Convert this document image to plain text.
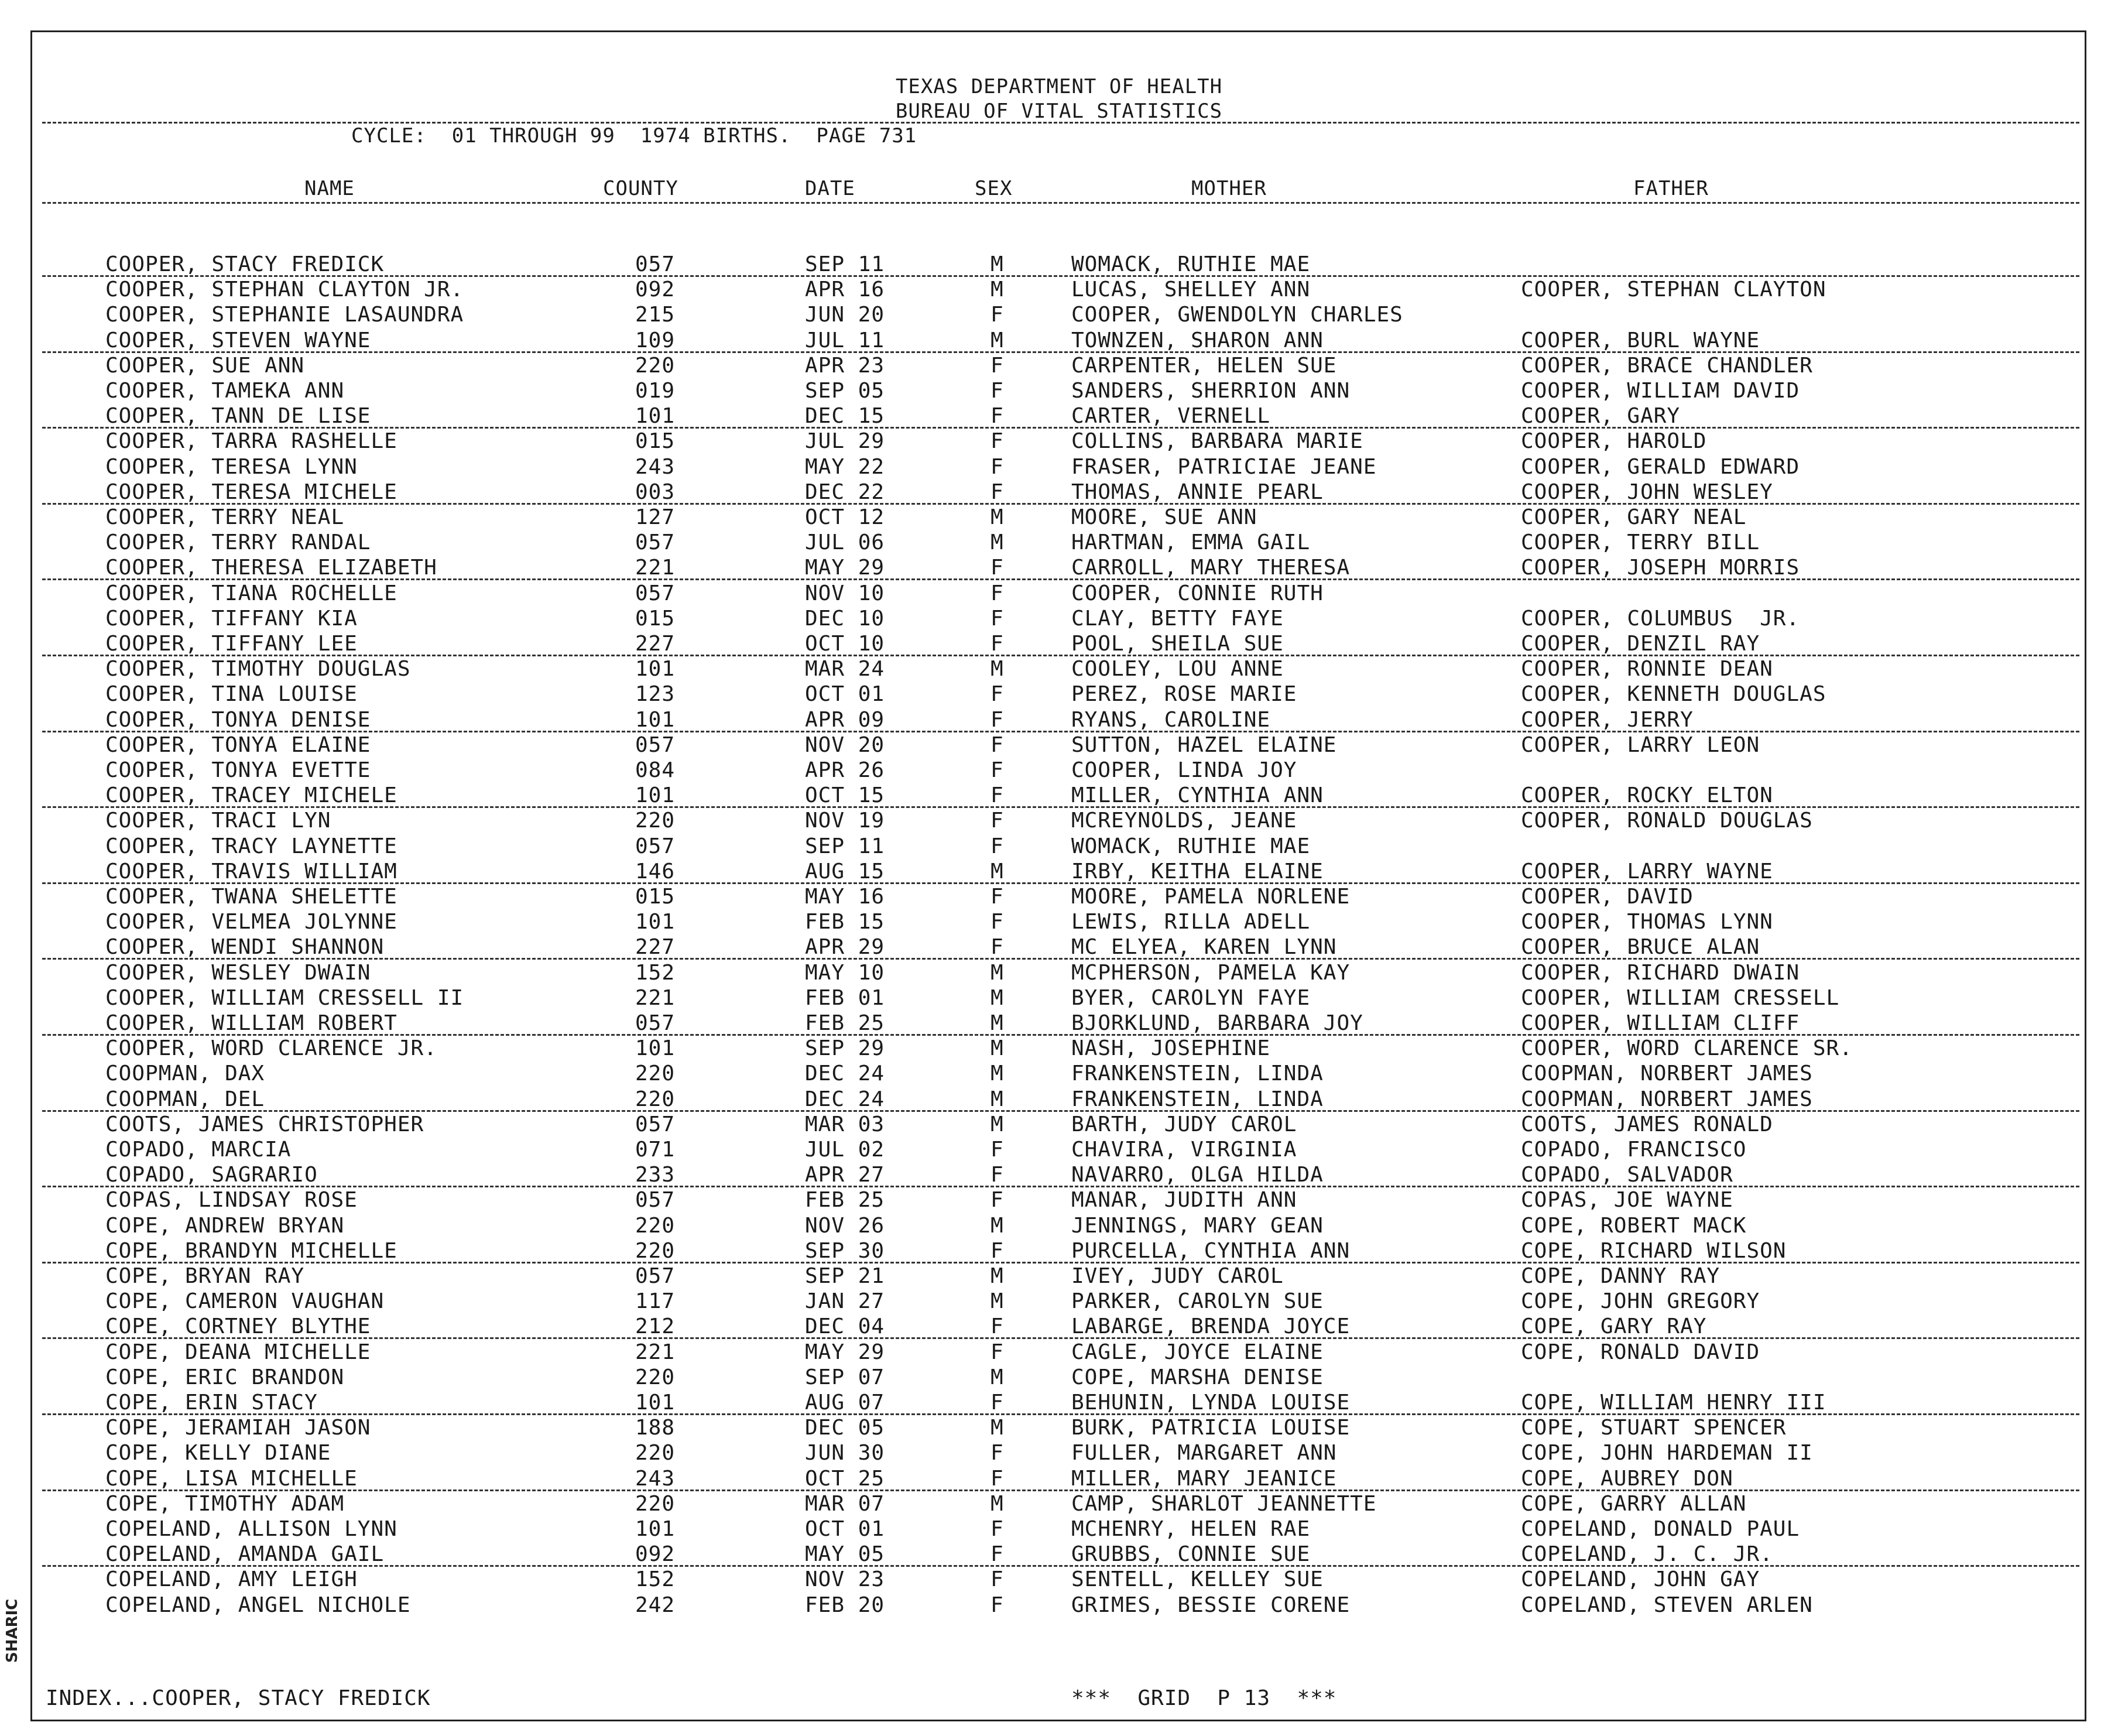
SHARIC
TEXAS DEPARTMENT OF HEALTH
BUREAU OF VITAL STATISTICS
CYCLE:  01 THROUGH 99  1974 BIRTHS.  PAGE 731
NAME	COUNTY	DATE	SEX	MOTHER	FATHER
COOPER, STACY FREDICK	057	SEP 11	M	WOMACK, RUTHIE MAE
COOPER, STEPHAN CLAYTON JR.	092	APR 16	M	LUCAS, SHELLEY ANN	COOPER, STEPHAN CLAYTON
COOPER, STEPHANIE LASAUNDRA	215	JUN 20	F	COOPER, GWENDOLYN CHARLES
COOPER, STEVEN WAYNE	109	JUL 11	M	TOWNZEN, SHARON ANN	COOPER, BURL WAYNE
COOPER, SUE ANN	220	APR 23	F	CARPENTER, HELEN SUE	COOPER, BRACE CHANDLER
COOPER, TAMEKA ANN	019	SEP 05	F	SANDERS, SHERRION ANN	COOPER, WILLIAM DAVID
COOPER, TANN DE LISE	101	DEC 15	F	CARTER, VERNELL	COOPER, GARY
COOPER, TARRA RASHELLE	015	JUL 29	F	COLLINS, BARBARA MARIE	COOPER, HAROLD
COOPER, TERESA LYNN	243	MAY 22	F	FRASER, PATRICIAE JEANE	COOPER, GERALD EDWARD
COOPER, TERESA MICHELE	003	DEC 22	F	THOMAS, ANNIE PEARL	COOPER, JOHN WESLEY
COOPER, TERRY NEAL	127	OCT 12	M	MOORE, SUE ANN	COOPER, GARY NEAL
COOPER, TERRY RANDAL	057	JUL 06	M	HARTMAN, EMMA GAIL	COOPER, TERRY BILL
COOPER, THERESA ELIZABETH	221	MAY 29	F	CARROLL, MARY THERESA	COOPER, JOSEPH MORRIS
COOPER, TIANA ROCHELLE	057	NOV 10	F	COOPER, CONNIE RUTH
COOPER, TIFFANY KIA	015	DEC 10	F	CLAY, BETTY FAYE	COOPER, COLUMBUS  JR.
COOPER, TIFFANY LEE	227	OCT 10	F	POOL, SHEILA SUE	COOPER, DENZIL RAY
COOPER, TIMOTHY DOUGLAS	101	MAR 24	M	COOLEY, LOU ANNE	COOPER, RONNIE DEAN
COOPER, TINA LOUISE	123	OCT 01	F	PEREZ, ROSE MARIE	COOPER, KENNETH DOUGLAS
COOPER, TONYA DENISE	101	APR 09	F	RYANS, CAROLINE	COOPER, JERRY
COOPER, TONYA ELAINE	057	NOV 20	F	SUTTON, HAZEL ELAINE	COOPER, LARRY LEON
COOPER, TONYA EVETTE	084	APR 26	F	COOPER, LINDA JOY
COOPER, TRACEY MICHELE	101	OCT 15	F	MILLER, CYNTHIA ANN	COOPER, ROCKY ELTON
COOPER, TRACI LYN	220	NOV 19	F	MCREYNOLDS, JEANE	COOPER, RONALD DOUGLAS
COOPER, TRACY LAYNETTE	057	SEP 11	F	WOMACK, RUTHIE MAE
COOPER, TRAVIS WILLIAM	146	AUG 15	M	IRBY, KEITHA ELAINE	COOPER, LARRY WAYNE
COOPER, TWANA SHELETTE	015	MAY 16	F	MOORE, PAMELA NORLENE	COOPER, DAVID
COOPER, VELMEA JOLYNNE	101	FEB 15	F	LEWIS, RILLA ADELL	COOPER, THOMAS LYNN
COOPER, WENDI SHANNON	227	APR 29	F	MC ELYEA, KAREN LYNN	COOPER, BRUCE ALAN
COOPER, WESLEY DWAIN	152	MAY 10	M	MCPHERSON, PAMELA KAY	COOPER, RICHARD DWAIN
COOPER, WILLIAM CRESSELL II	221	FEB 01	M	BYER, CAROLYN FAYE	COOPER, WILLIAM CRESSELL
COOPER, WILLIAM ROBERT	057	FEB 25	M	BJORKLUND, BARBARA JOY	COOPER, WILLIAM CLIFF
COOPER, WORD CLARENCE JR.	101	SEP 29	M	NASH, JOSEPHINE	COOPER, WORD CLARENCE SR.
COOPMAN, DAX	220	DEC 24	M	FRANKENSTEIN, LINDA	COOPMAN, NORBERT JAMES
COOPMAN, DEL	220	DEC 24	M	FRANKENSTEIN, LINDA	COOPMAN, NORBERT JAMES
COOTS, JAMES CHRISTOPHER	057	MAR 03	M	BARTH, JUDY CAROL	COOTS, JAMES RONALD
COPADO, MARCIA	071	JUL 02	F	CHAVIRA, VIRGINIA	COPADO, FRANCISCO
COPADO, SAGRARIO	233	APR 27	F	NAVARRO, OLGA HILDA	COPADO, SALVADOR
COPAS, LINDSAY ROSE	057	FEB 25	F	MANAR, JUDITH ANN	COPAS, JOE WAYNE
COPE, ANDREW BRYAN	220	NOV 26	M	JENNINGS, MARY GEAN	COPE, ROBERT MACK
COPE, BRANDYN MICHELLE	220	SEP 30	F	PURCELLA, CYNTHIA ANN	COPE, RICHARD WILSON
COPE, BRYAN RAY	057	SEP 21	M	IVEY, JUDY CAROL	COPE, DANNY RAY
COPE, CAMERON VAUGHAN	117	JAN 27	M	PARKER, CAROLYN SUE	COPE, JOHN GREGORY
COPE, CORTNEY BLYTHE	212	DEC 04	F	LABARGE, BRENDA JOYCE	COPE, GARY RAY
COPE, DEANA MICHELLE	221	MAY 29	F	CAGLE, JOYCE ELAINE	COPE, RONALD DAVID
COPE, ERIC BRANDON	220	SEP 07	M	COPE, MARSHA DENISE
COPE, ERIN STACY	101	AUG 07	F	BEHUNIN, LYNDA LOUISE	COPE, WILLIAM HENRY III
COPE, JERAMIAH JASON	188	DEC 05	M	BURK, PATRICIA LOUISE	COPE, STUART SPENCER
COPE, KELLY DIANE	220	JUN 30	F	FULLER, MARGARET ANN	COPE, JOHN HARDEMAN II
COPE, LISA MICHELLE	243	OCT 25	F	MILLER, MARY JEANICE	COPE, AUBREY DON
COPE, TIMOTHY ADAM	220	MAR 07	M	CAMP, SHARLOT JEANNETTE	COPE, GARRY ALLAN
COPELAND, ALLISON LYNN	101	OCT 01	F	MCHENRY, HELEN RAE	COPELAND, DONALD PAUL
COPELAND, AMANDA GAIL	092	MAY 05	F	GRUBBS, CONNIE SUE	COPELAND, J. C. JR.
COPELAND, AMY LEIGH	152	NOV 23	F	SENTELL, KELLEY SUE	COPELAND, JOHN GAY
COPELAND, ANGEL NICHOLE	242	FEB 20	F	GRIMES, BESSIE CORENE	COPELAND, STEVEN ARLEN
INDEX...COOPER, STACY FREDICK	***  GRID  P 13  ***
